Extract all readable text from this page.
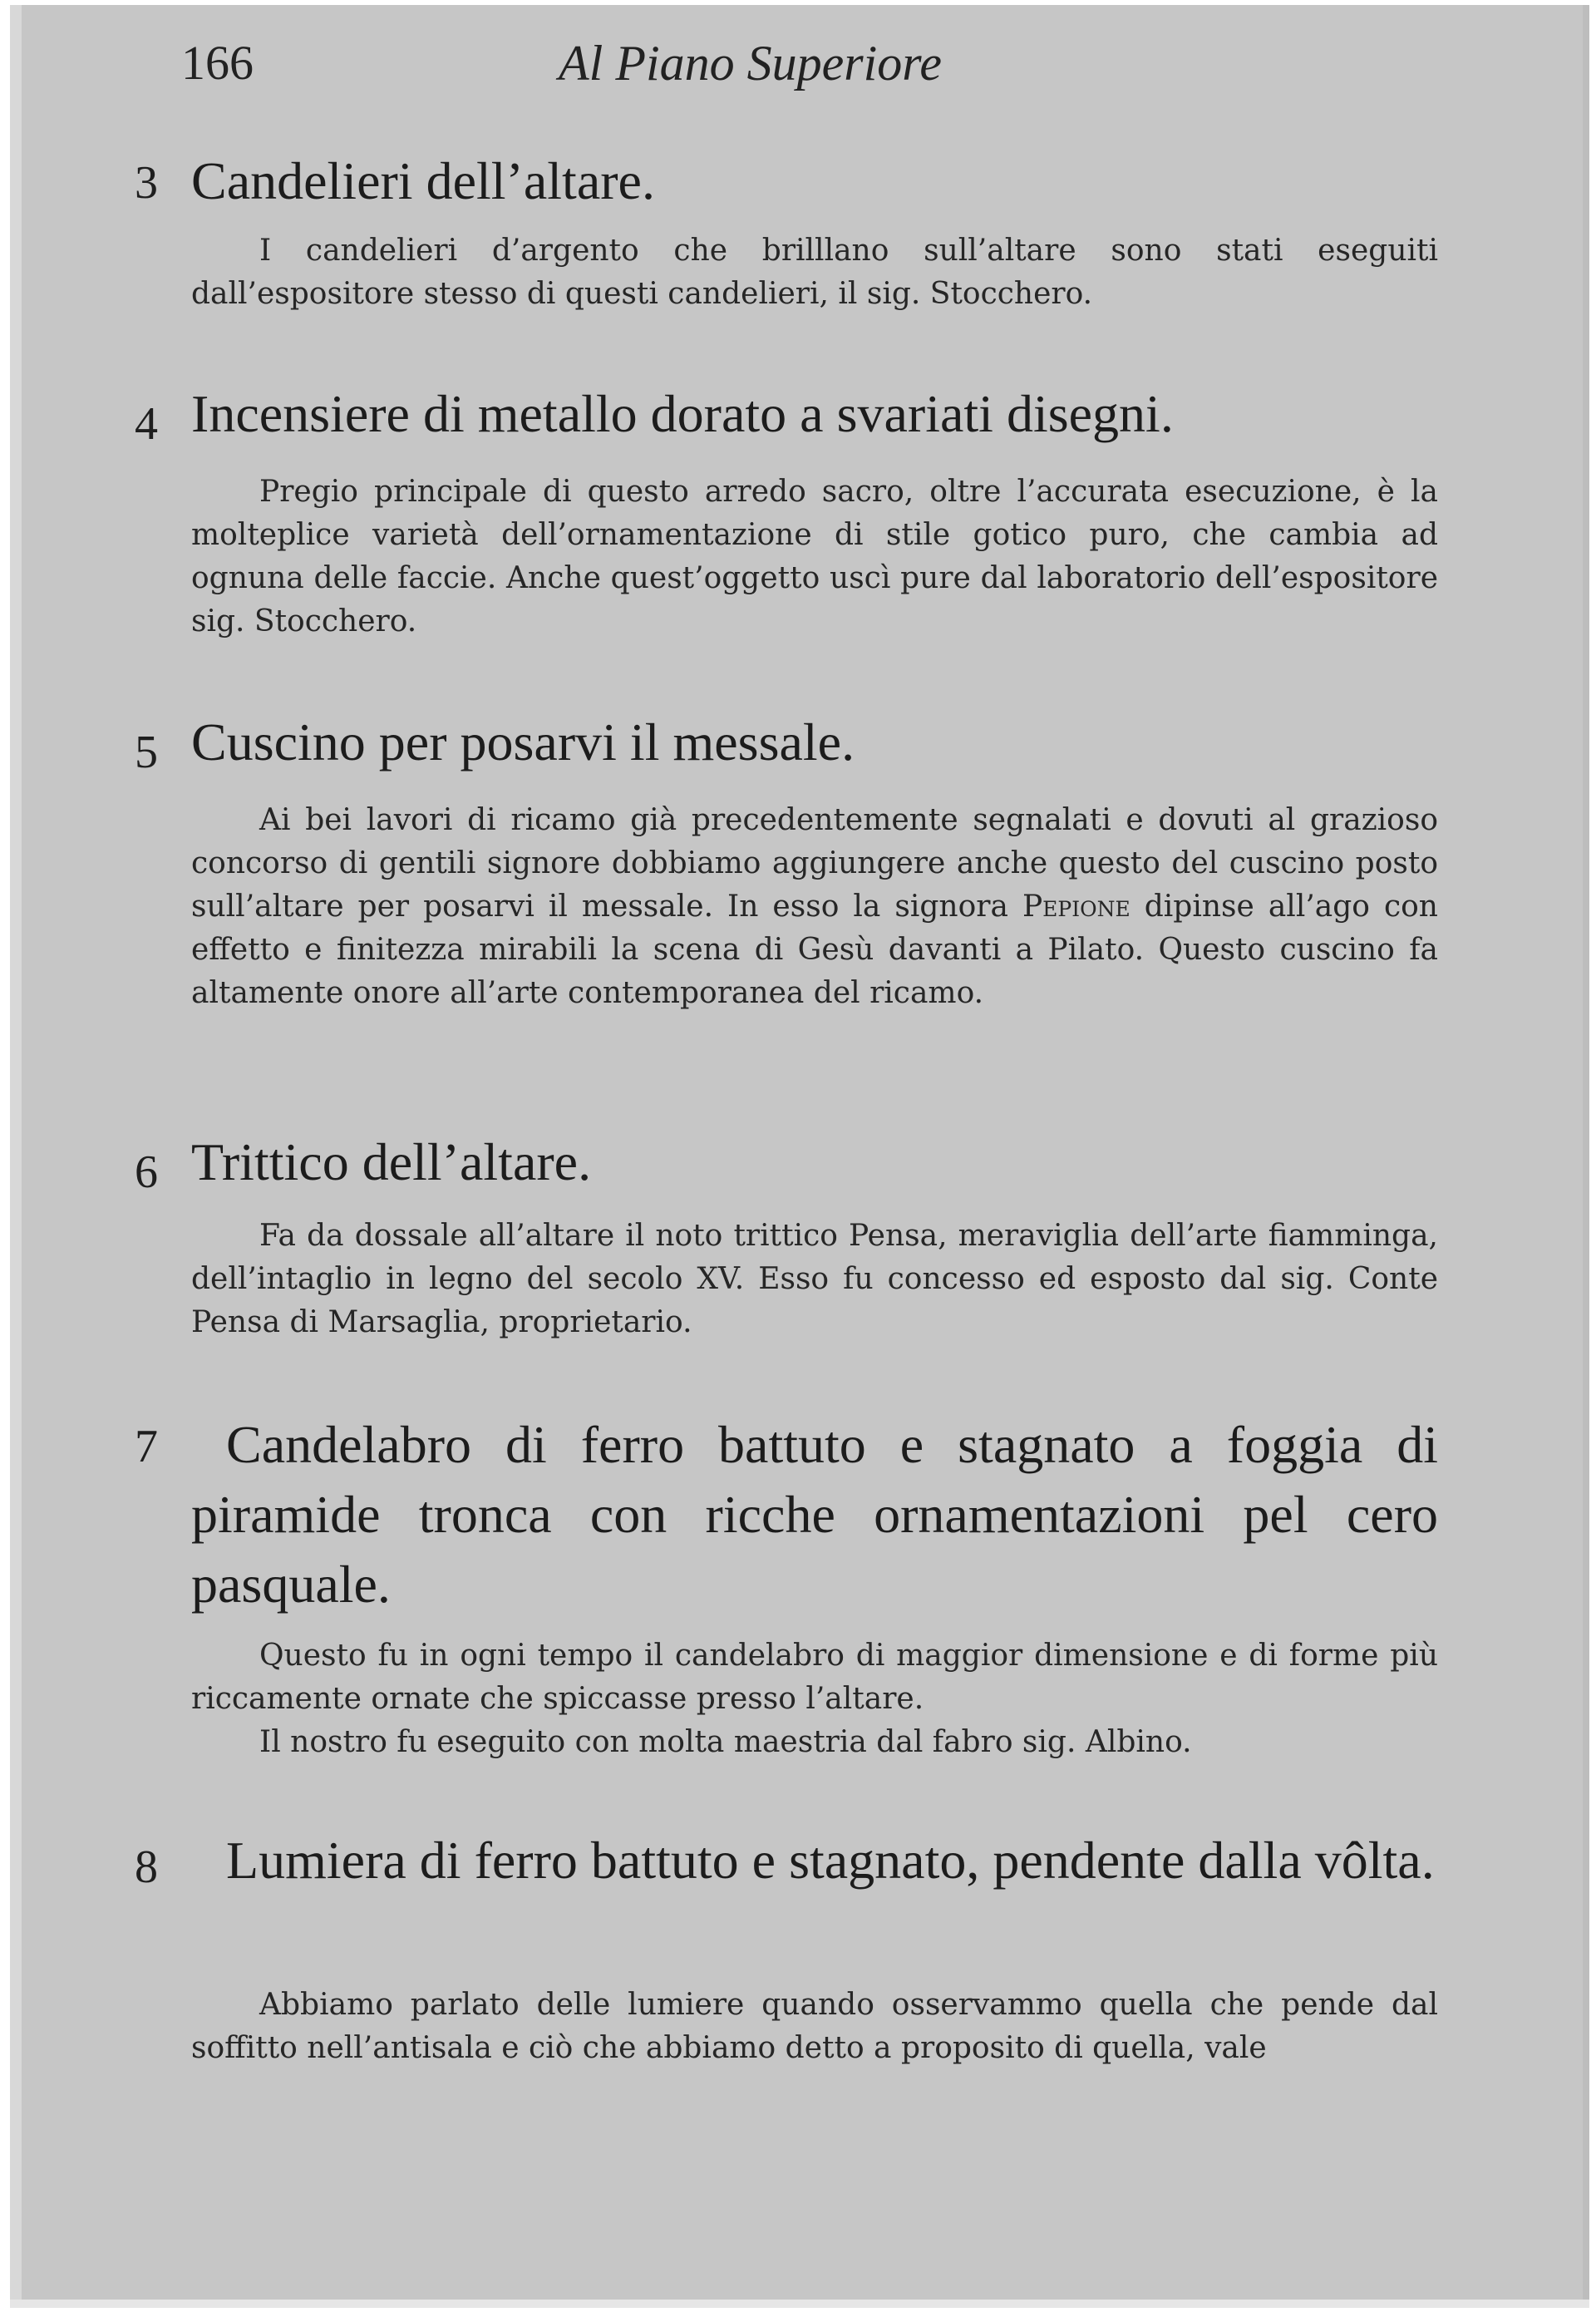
166	Al Piano Superiore
3 Candelieri dell’altare.

I candelieri d’argento che brilllano sull’altare sono stati eseguiti dall’espositore stesso di questi candelieri, il sig. Stocchero.

4 Incensiere di metallo dorato a svariati disegni.

Pregio principale di questo arredo sacro, oltre l’accurata esecuzione, è la molteplice varietà dell’ornamentazione di stile gotico puro, che cambia ad ognuna delle faccie. Anche quest’oggetto uscì pure dal laboratorio dell’espositore sig. Stocchero.

5 Cuscino per posarvi il messale.

Ai bei lavori di ricamo già precedentemente segnalati e dovuti al grazioso concorso di gentili signore dobbiamo aggiungere anche questo del cuscino posto sull’altare per posarvi il messale. In esso la signora Pepione dipinse all’ago con effetto e finitezza mirabili la scena di Gesù davanti a Pilato. Questo cuscino fa altamente onore all’arte contemporanea del ricamo.

6 Trittico dell’altare.

Fa da dossale all’altare il noto trittico Pensa, meraviglia dell’arte fiamminga, dell’intaglio in legno del secolo XV. Esso fu concesso ed esposto dal sig. Conte Pensa di Marsaglia, proprietario.

7	Candelabro di ferro battuto e stagnato a foggia di piramide tronca con ricche ornamentazioni pel cero pasquale.

Questo fu in ogni tempo il candelabro di maggior dimensione e di forme più riccamente ornate che spiccasse presso l’altare.

Il nostro fu eseguito con molta maestria dal fabro sig. Albino.

8	Lumiera di ferro battuto e stagnato, pendente dalla vôlta.

Abbiamo parlato delle lumiere quando osservammo quella che pende dal soffitto nell’antisala e ciò che abbiamo detto a proposito di quella, vale
